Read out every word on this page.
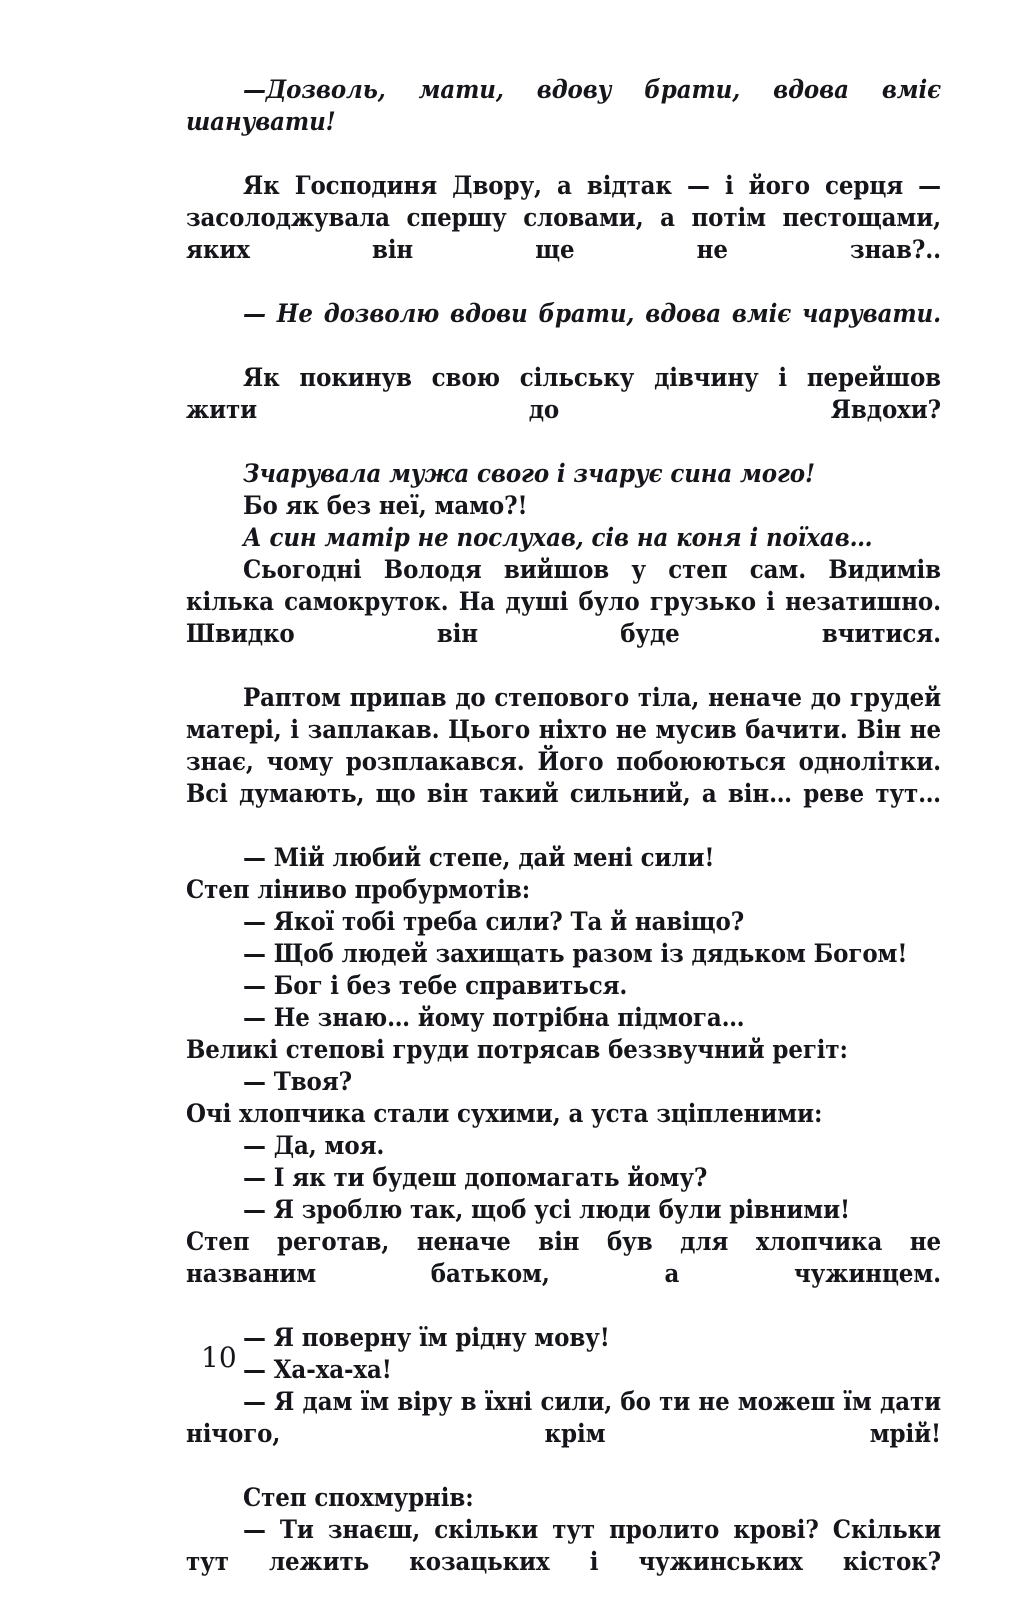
—Дозволь, мати, вдову брати, вдова вміє шанувати!

Як Господиня Двору, а відтак — і його серця — засолоджувала спершу словами, а потім пестощами, яких він ще не знав?..

— Не дозволю вдови брати, вдова вміє чарувати.

Як покинув свою сільську дівчину і перейшов жити до Явдохи?

Зчарувала мужа свого і зчарує сина мого!

Бо як без неї, мамо?!

А син матір не послухав, сів на коня і поїхав…

Сьогодні Володя вийшов у степ сам. Видимів кілька самокруток. На душі було грузько і незатишно. Швидко він буде вчитися.

Раптом припав до степового тіла, неначе до грудей матері, і заплакав. Цього ніхто не мусив бачити. Він не знає, чому розплакався. Його побоюються однолітки. Всі думають, що він такий сильний, а він… реве тут…

— Мій любий степе, дай мені сили!

Степ ліниво пробурмотів:

— Якої тобі треба сили? Та й навіщо?

— Щоб людей захищать разом із дядьком Богом!

— Бог і без тебе справиться.

— Не знаю… йому потрібна підмога…

Великі степові груди потрясав беззвучний регіт:

— Твоя?

Очі хлопчика стали сухими, а уста зціпленими:

— Да, моя.

— І як ти будеш допомагать йому?

— Я зроблю так, щоб усі люди були рівними!

Степ реготав, неначе він був для хлопчика не названим батьком, а чужинцем.

— Я поверну їм рідну мову!

— Ха-ха-ха!

— Я дам їм віру в їхні сили, бо ти не можеш їм дати нічого, крім мрій!

Степ спохмурнів:

— Ти знаєш, скільки тут пролито крові? Скільки тут лежить козацьких і чужинських кісток?

10
